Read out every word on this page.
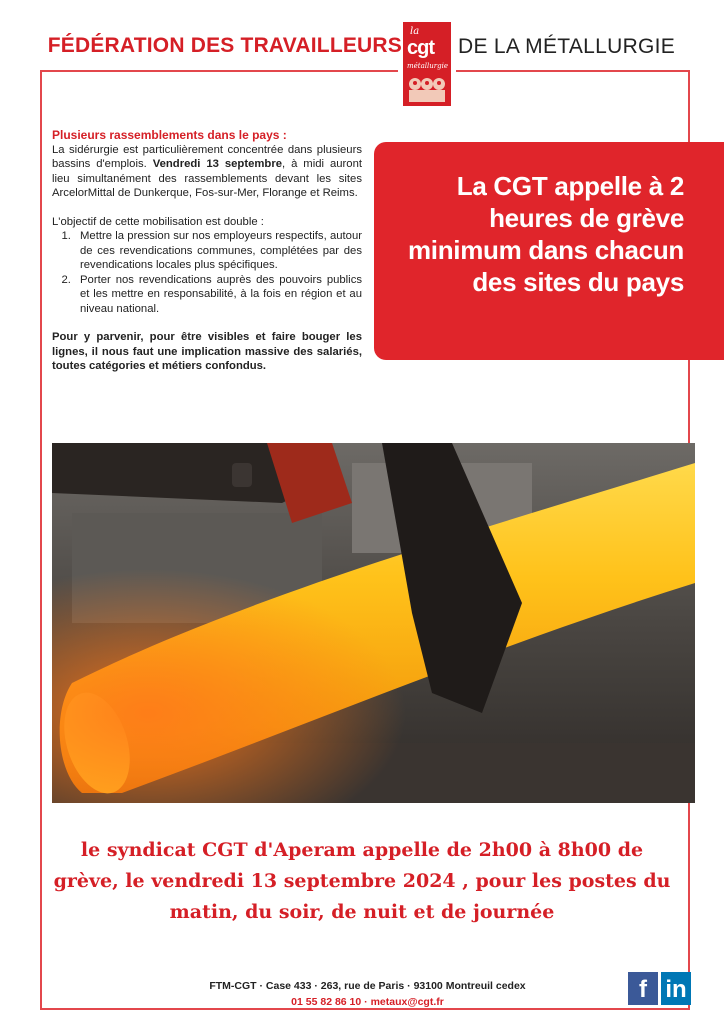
FÉDÉRATION DES TRAVAILLEURS
la
cgt
métallurgie
DE LA MÉTALLURGIE

Plusieurs rassemblements dans le pays :

La sidérurgie est particulièrement concentrée dans plusieurs bassins d'emplois. Vendredi 13 septembre, à midi auront lieu simultanément des rassemblements devant les sites ArcelorMittal de Dunkerque, Fos-sur-Mer, Florange et Reims.

L'objectif de cette mobilisation est double :

1. Mettre la pression sur nos employeurs respectifs, autour de ces revendications communes, complétées par des revendications locales plus spécifiques.
2. Porter nos revendications auprès des pouvoirs publics et les mettre en responsabilité, à la fois en région et au niveau national.

Pour y parvenir, pour être visibles et faire bouger les lignes, il nous faut une implication massive des salariés, toutes catégories et métiers confondus.

La CGT appelle à 2 heures de grève minimum dans chacun des sites du pays
le syndicat CGT d'Aperam appelle de 2h00 à 8h00 de grève, le vendredi 13 septembre 2024 , pour les postes du matin, du soir, de nuit et de journée
FTM-CGT · Case 433 · 263, rue de Paris · 93100 Montreuil cedex
01 55 82 86 10 · metaux@cgt.fr	f in
